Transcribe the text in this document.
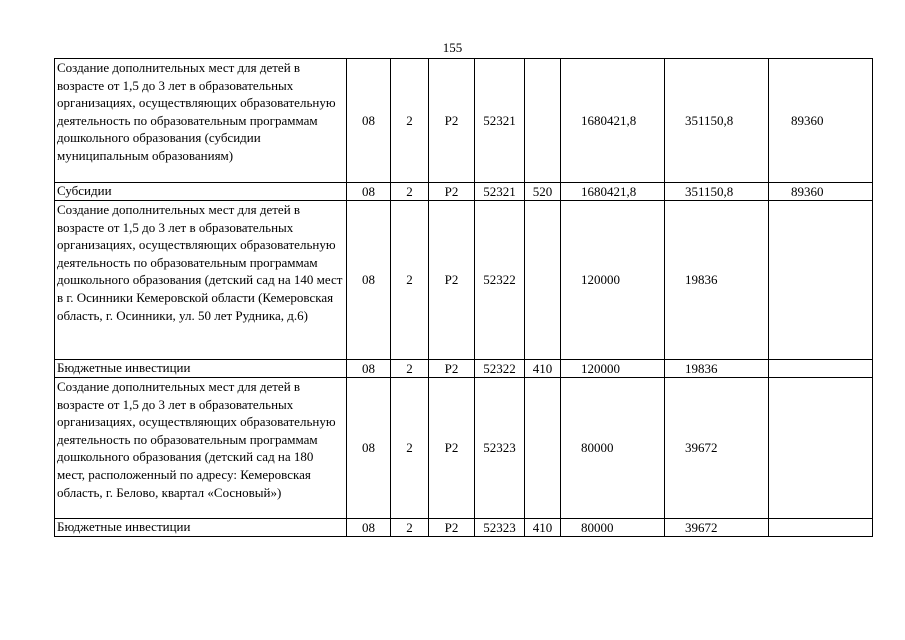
155
Создание дополнительных мест для детей в возрасте от 1,5 до 3 лет в образовательных организациях, осуществляющих образовательную деятельность по образовательным программам дошкольного образования (субсидии муниципальным образованиям)	08	2	P2	52321		1680421,8	351150,8	89360
Субсидии	08	2	P2	52321	520	1680421,8	351150,8	89360
Создание дополнительных мест для детей в возрасте от 1,5 до 3 лет в образовательных организациях, осуществляющих образовательную деятельность по образовательным программам дошкольного образования (детский сад на 140 мест в г. Осинники Кемеровской области (Кемеровская область, г. Осинники, ул. 50 лет Рудника, д.6)	08	2	P2	52322		120000	19836	
Бюджетные инвестиции	08	2	P2	52322	410	120000	19836	
Создание дополнительных мест для детей в возрасте от 1,5 до 3 лет в образовательных организациях, осуществляющих образовательную деятельность по образовательным программам дошкольного образования (детский сад на 180 мест, расположенный по адресу: Кемеровская область, г. Белово, квартал «Сосновый»)	08	2	P2	52323		80000	39672	
Бюджетные инвестиции	08	2	P2	52323	410	80000	39672	
